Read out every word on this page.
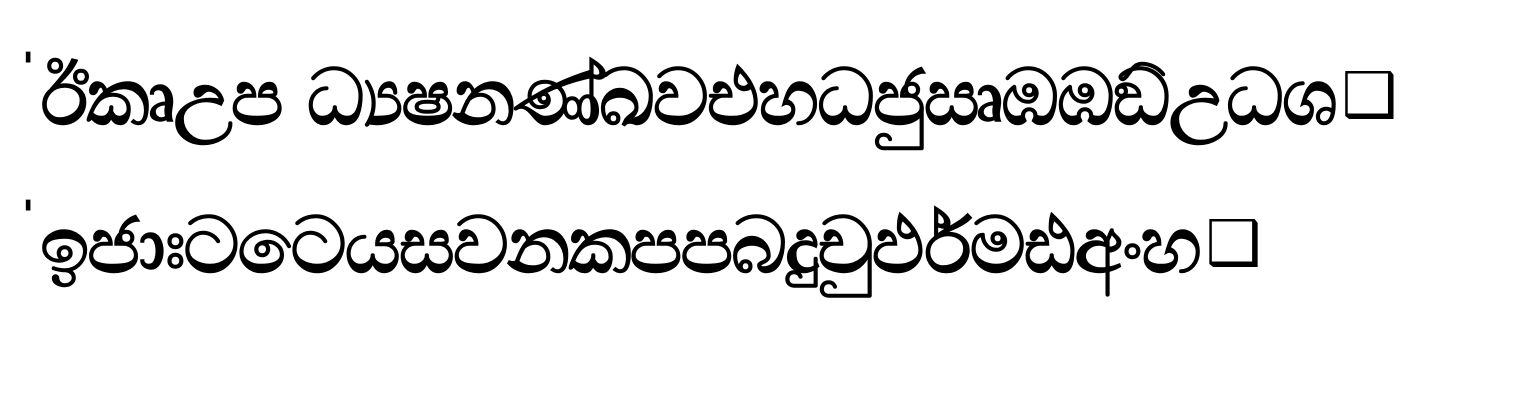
' ඊකෘඋප ධ්‍යෂනණ්ඛවඑහධජුඍඹඹඞ්උධශ ❑
' ඉජාඃටටෙයසවනකපපබදුචුර්ඵමඪඅංහ ❑
